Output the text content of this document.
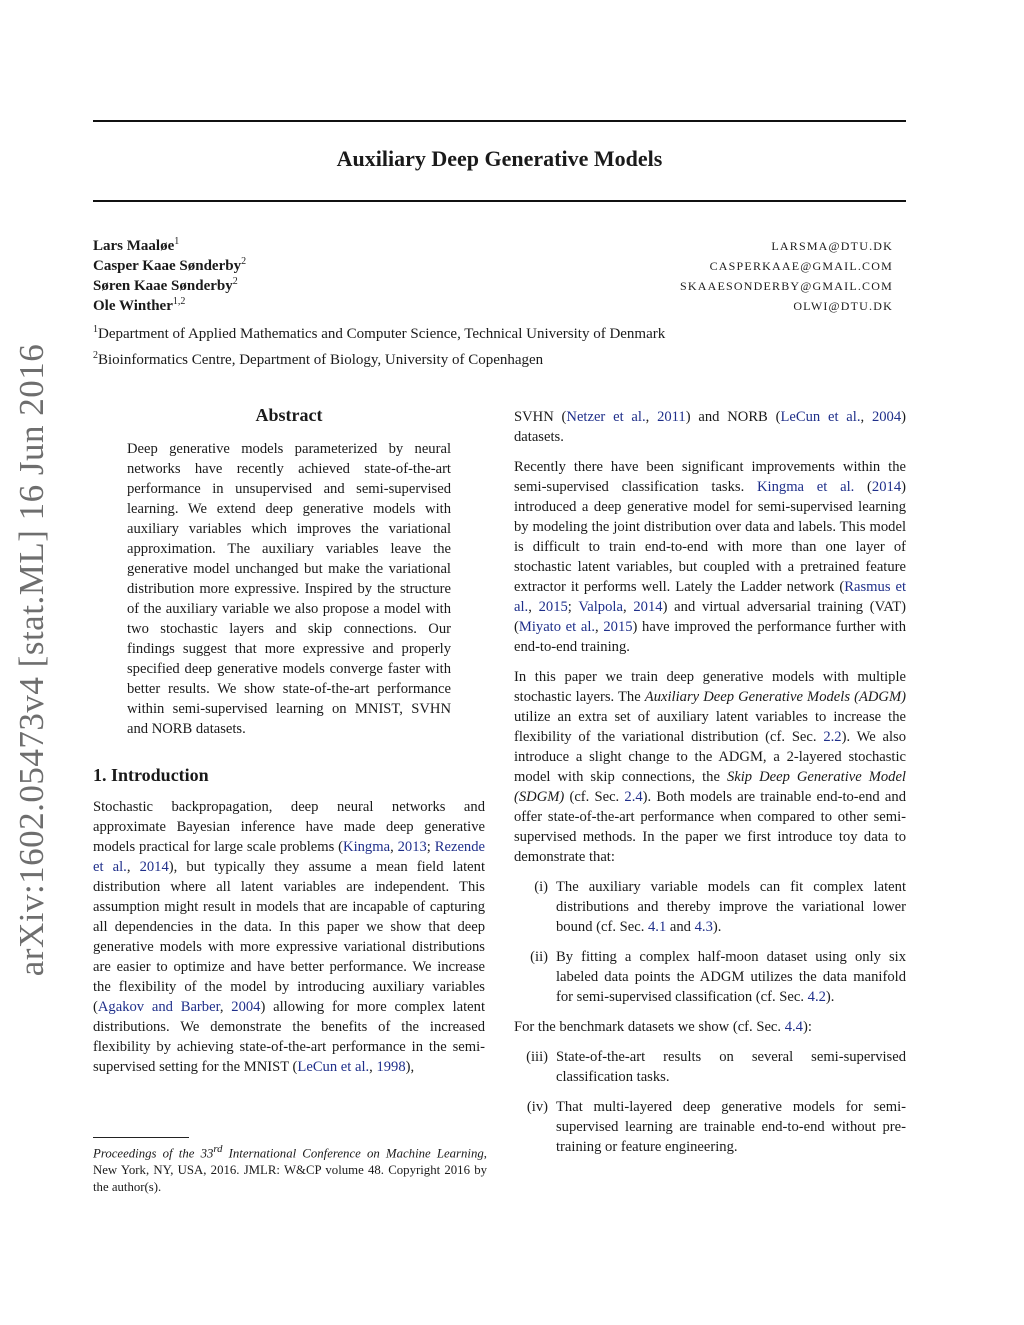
arXiv:1602.05473v4 [stat.ML] 16 Jun 2016
Auxiliary Deep Generative Models
Lars Maaløe$^1$	LARSMA@DTU.DK
Casper Kaae Sønderby$^2$	CASPERKAAE@GMAIL.COM
Søren Kaae Sønderby$^2$	SKAAESONDERBY@GMAIL.COM
Ole Winther$^{1,2}$	OLWI@DTU.DK
$^1$Department of Applied Mathematics and Computer Science, Technical University of Denmark
$^2$Bioinformatics Centre, Department of Biology, University of Copenhagen
Abstract
Deep generative models parameterized by neural networks have recently achieved state-of-the-art performance in unsupervised and semi-supervised learning. We extend deep generative models with auxiliary variables which improves the variational approximation. The auxiliary variables leave the generative model unchanged but make the variational distribution more expressive. Inspired by the structure of the auxiliary variable we also propose a model with two stochastic layers and skip connections. Our findings suggest that more expressive and properly specified deep generative models converge faster with better results. We show state-of-the-art performance within semi-supervised learning on MNIST, SVHN and NORB datasets.
1. Introduction

Stochastic backpropagation, deep neural networks and approximate Bayesian inference have made deep generative models practical for large scale problems (Kingma, 2013; Rezende et al., 2014), but typically they assume a mean field latent distribution where all latent variables are independent. This assumption might result in models that are incapable of capturing all dependencies in the data. In this paper we show that deep generative models with more expressive variational distributions are easier to optimize and have better performance. We increase the flexibility of the model by introducing auxiliary variables (Agakov and Barber, 2004) allowing for more complex latent distributions. We demonstrate the benefits of the increased flexibility by achieving state-of-the-art performance in the semi-supervised setting for the MNIST (LeCun et al., 1998),

Proceedings of the 33rd International Conference on Machine Learning, New York, NY, USA, 2016. JMLR: W&CP volume 48. Copyright 2016 by the author(s).

SVHN (Netzer et al., 2011) and NORB (LeCun et al., 2004) datasets.

Recently there have been significant improvements within the semi-supervised classification tasks. Kingma et al. (2014) introduced a deep generative model for semi-supervised learning by modeling the joint distribution over data and labels. This model is difficult to train end-to-end with more than one layer of stochastic latent variables, but coupled with a pretrained feature extractor it performs well. Lately the Ladder network (Rasmus et al., 2015; Valpola, 2014) and virtual adversarial training (VAT) (Miyato et al., 2015) have improved the performance further with end-to-end training.

In this paper we train deep generative models with multiple stochastic layers. The Auxiliary Deep Generative Models (ADGM) utilize an extra set of auxiliary latent variables to increase the flexibility of the variational distribution (cf. Sec. 2.2). We also introduce a slight change to the ADGM, a 2-layered stochastic model with skip connections, the Skip Deep Generative Model (SDGM) (cf. Sec. 2.4). Both models are trainable end-to-end and offer state-of-the-art performance when compared to other semi-supervised methods. In the paper we first introduce toy data to demonstrate that:

(i) The auxiliary variable models can fit complex latent distributions and thereby improve the variational lower bound (cf. Sec. 4.1 and 4.3).
(ii) By fitting a complex half-moon dataset using only six labeled data points the ADGM utilizes the data manifold for semi-supervised classification (cf. Sec. 4.2).

For the benchmark datasets we show (cf. Sec. 4.4):

(iii) State-of-the-art results on several semi-supervised classification tasks.
(iv) That multi-layered deep generative models for semi-supervised learning are trainable end-to-end without pre-training or feature engineering.
